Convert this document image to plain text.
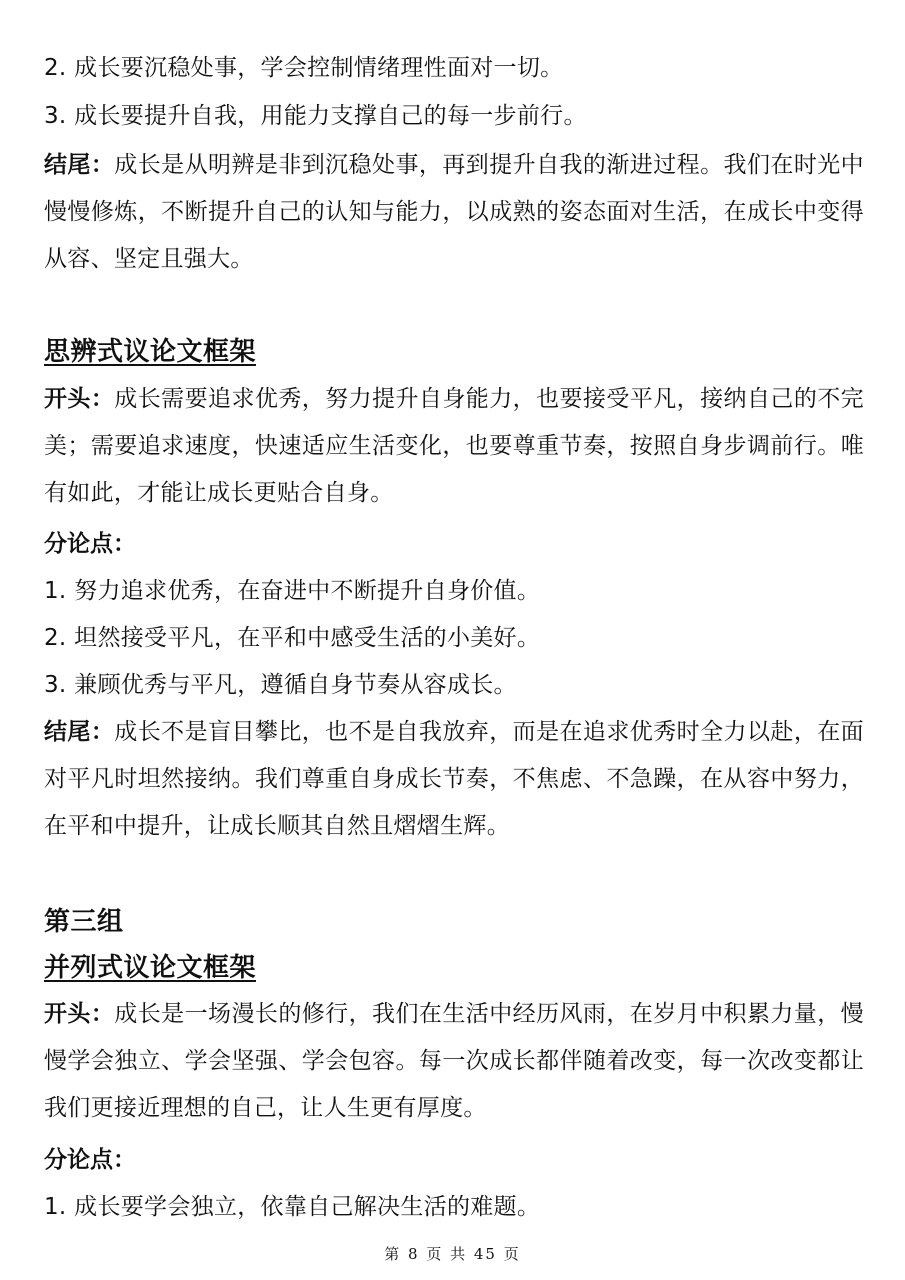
2. 成长要沉稳处事，学会控制情绪理性面对一切。
3. 成长要提升自我，用能力支撑自己的每一步前行。
结尾：成长是从明辨是非到沉稳处事，再到提升自我的渐进过程。我们在时光中慢慢修炼，不断提升自己的认知与能力，以成熟的姿态面对生活，在成长中变得从容、坚定且强大。
思辨式议论文框架
开头：成长需要追求优秀，努力提升自身能力，也要接受平凡，接纳自己的不完美；需要追求速度，快速适应生活变化，也要尊重节奏，按照自身步调前行。唯有如此，才能让成长更贴合自身。
分论点：
1. 努力追求优秀，在奋进中不断提升自身价值。
2. 坦然接受平凡，在平和中感受生活的小美好。
3. 兼顾优秀与平凡，遵循自身节奏从容成长。
结尾：成长不是盲目攀比，也不是自我放弃，而是在追求优秀时全力以赴，在面对平凡时坦然接纳。我们尊重自身成长节奏，不焦虑、不急躁，在从容中努力，在平和中提升，让成长顺其自然且熠熠生辉。
第三组
并列式议论文框架
开头：成长是一场漫长的修行，我们在生活中经历风雨，在岁月中积累力量，慢慢学会独立、学会坚强、学会包容。每一次成长都伴随着改变，每一次改变都让我们更接近理想的自己，让人生更有厚度。
分论点：
1. 成长要学会独立，依靠自己解决生活的难题。
第 8 页 共 45 页
